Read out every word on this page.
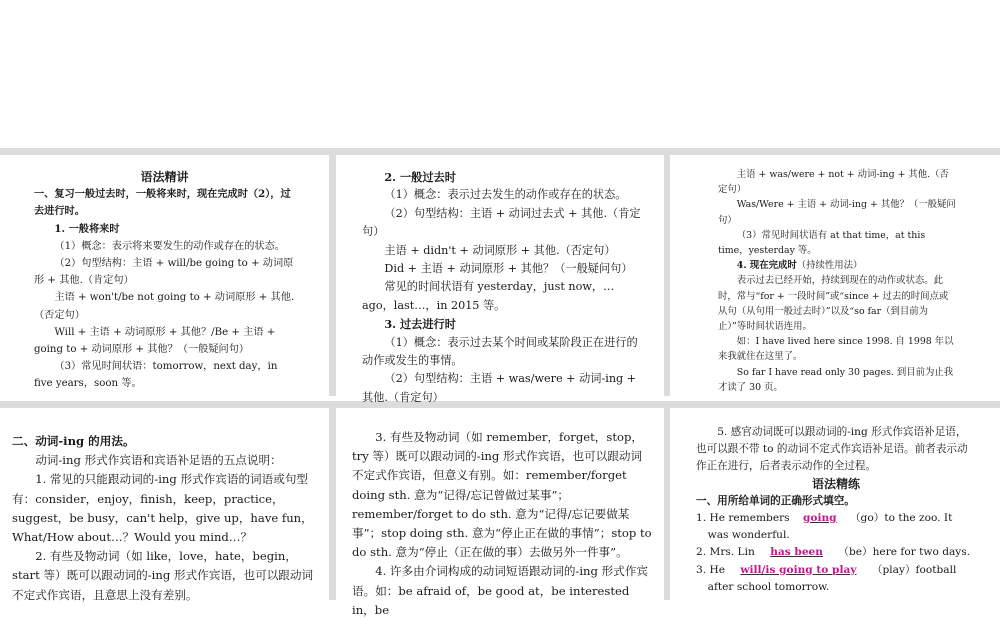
语法精讲

一、复习一般过去时，一般将来时，现在完成时（2），过去进行时。

1. 一般将来时

（1）概念：表示将来要发生的动作或存在的状态。

（2）句型结构：主语 + will/be going to + 动词原形 + 其他.（肯定句）

主语 + won't/be not going to + 动词原形 + 其他.（否定句）

Will + 主语 + 动词原形 + 其他？/Be + 主语 + going to + 动词原形 + 其他？（一般疑问句）

（3）常见时间状语：tomorrow，next day，in five years，soon 等。

2. 一般过去时

（1）概念：表示过去发生的动作或存在的状态。

（2）句型结构：主语 + 动词过去式 + 其他.（肯定句）

主语 + didn't + 动词原形 + 其他.（否定句）

Did + 主语 + 动词原形 + 其他？（一般疑问句）

常见的时间状语有 yesterday，just now，… ago，last…，in 2015 等。

3. 过去进行时

（1）概念：表示过去某个时间或某阶段正在进行的动作或发生的事情。

（2）句型结构：主语 + was/were + 动词-ing + 其他.（肯定句）

主语 + was/were + not + 动词-ing + 其他.（否定句）

Was/Were + 主语 + 动词-ing + 其他？（一般疑问句）

（3）常见时间状语有 at that time，at this time，yesterday 等。

4. 现在完成时（持续性用法）

表示过去已经开始，持续到现在的动作或状态。此时，常与“for + 一段时间”或“since + 过去的时间点或从句（从句用一般过去时）”以及“so far（到目前为止）”等时间状语连用。

如：I have lived here since 1998. 自 1998 年以来我就住在这里了。

So far I have read only 30 pages. 到目前为止我才读了 30 页。

二、动词-ing 的用法。

动词-ing 形式作宾语和宾语补足语的五点说明：

1. 常见的只能跟动词的-ing 形式作宾语的词语或句型有：consider，enjoy，finish，keep，practice，suggest，be busy，can't help，give up，have fun，What/How about…？Would you mind…？

2. 有些及物动词（如 like，love，hate，begin，start 等）既可以跟动词的-ing 形式作宾语，也可以跟动词不定式作宾语，且意思上没有差别。

3. 有些及物动词（如 remember，forget，stop，try 等）既可以跟动词的-ing 形式作宾语，也可以跟动词不定式作宾语，但意义有别。如：remember/forget doing sth. 意为“记得/忘记曾做过某事”；remember/forget to do sth. 意为“记得/忘记要做某事”；stop doing sth. 意为“停止正在做的事情”；stop to do sth. 意为“停止（正在做的事）去做另外一件事”。

4. 许多由介词构成的动词短语跟动词的-ing 形式作宾语。如：be afraid of，be good at，be interested in，be

5. 感官动词既可以跟动词的-ing 形式作宾语补足语，也可以跟不带 to 的动词不定式作宾语补足语。前者表示动作正在进行，后者表示动作的全过程。

语法精练

一、用所给单词的正确形式填空。

1. He remembers going （go）to the zoo. It was wonderful.

2. Mrs. Lin has been （be）here for two days.

3. He will/is going to play （play）football after school tomorrow.
